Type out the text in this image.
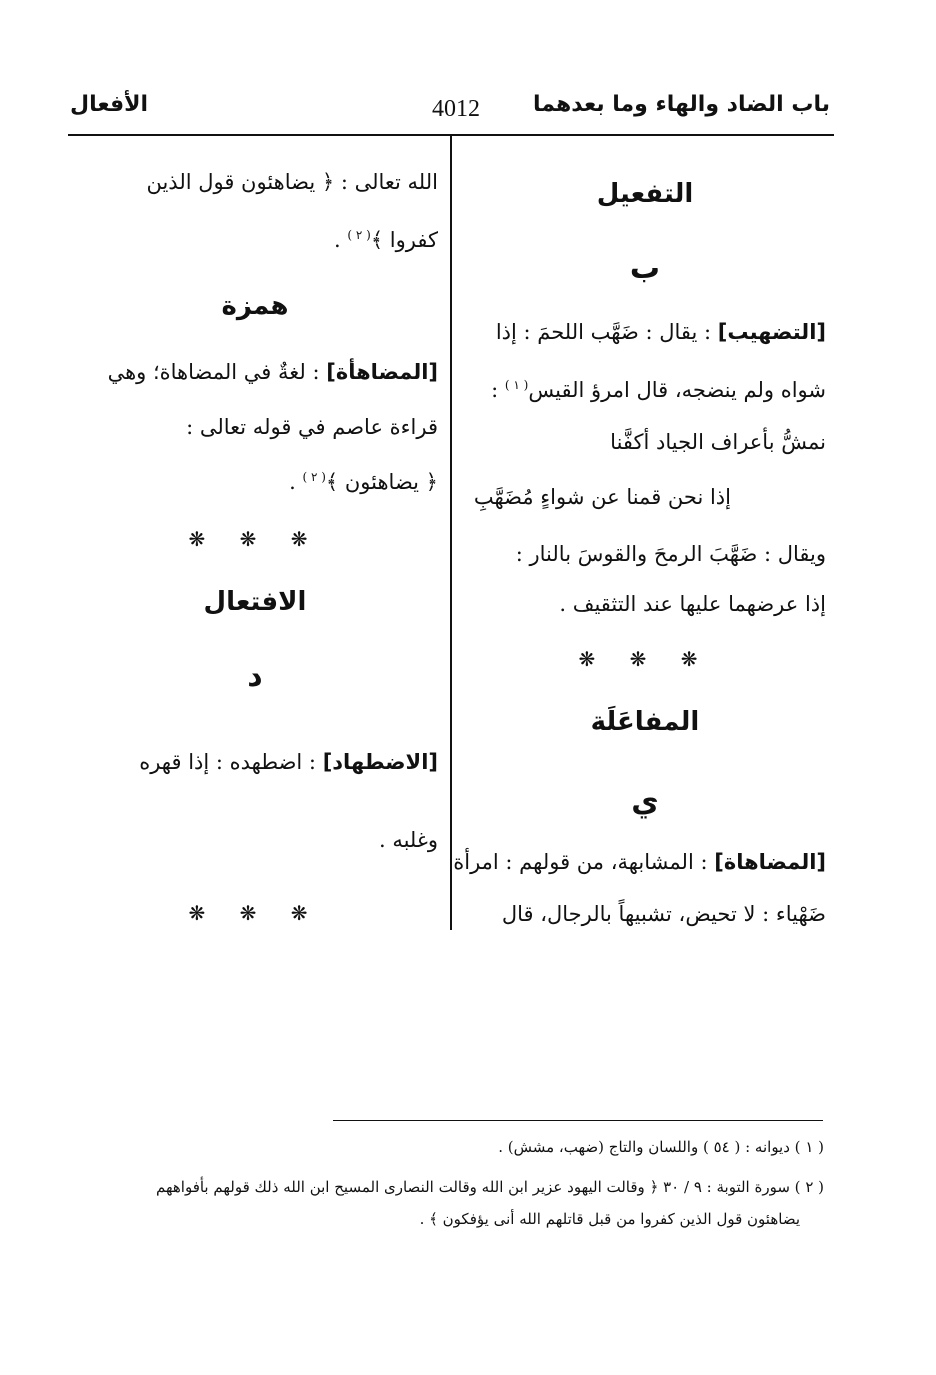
باب الضاد والهاء وما بعدهما
4012
الأفعال
التفعيل
ب
[التضهيب] : يقال : ضَهَّب اللحمَ : إذا
شواه ولم ينضجه، قال امرؤ القيس$^{( ١ )}$ :
نمشُّ بأعراف الجياد أكفَّنا
إذا نحن قمنا عن شواءٍ مُضَهَّبِ
ويقال : ضَهَّبَ الرمحَ والقوسَ بالنار :
إذا عرضهما عليها عند التثقيف .
❋ ❋ ❋
المفاعَلَة
ي
[المضاهاة] : المشابهة، من قولهم : امرأة
ضَهْياء : لا تحيض، تشبيهاً بالرجال، قال
الله تعالى : ﴿ يضاهئون قول الذين
كفروا ﴾$^{( ٢ )}$ .
همزة
[المضاهأة] : لغةٌ في المضاهاة؛ وهي
قراءة عاصم في قوله تعالى :
﴿ يضاهئون ﴾$^{( ٢ )}$ .
❋ ❋ ❋
الافتعال
د
[الاضطهاد] : اضطهده : إذا قهره
وغلبه .
❋ ❋ ❋
( ١ ) ديوانه : ( ٥٤ ) واللسان والتاج (ضهب، مشش) .
( ٢ ) سورة التوبة : ٩ / ٣٠ ﴿ وقالت اليهود عزير ابن الله وقالت النصارى المسيح ابن الله ذلك قولهم بأفواههم
يضاهئون قول الذين كفروا من قبل قاتلهم الله أنى يؤفكون ﴾ .
